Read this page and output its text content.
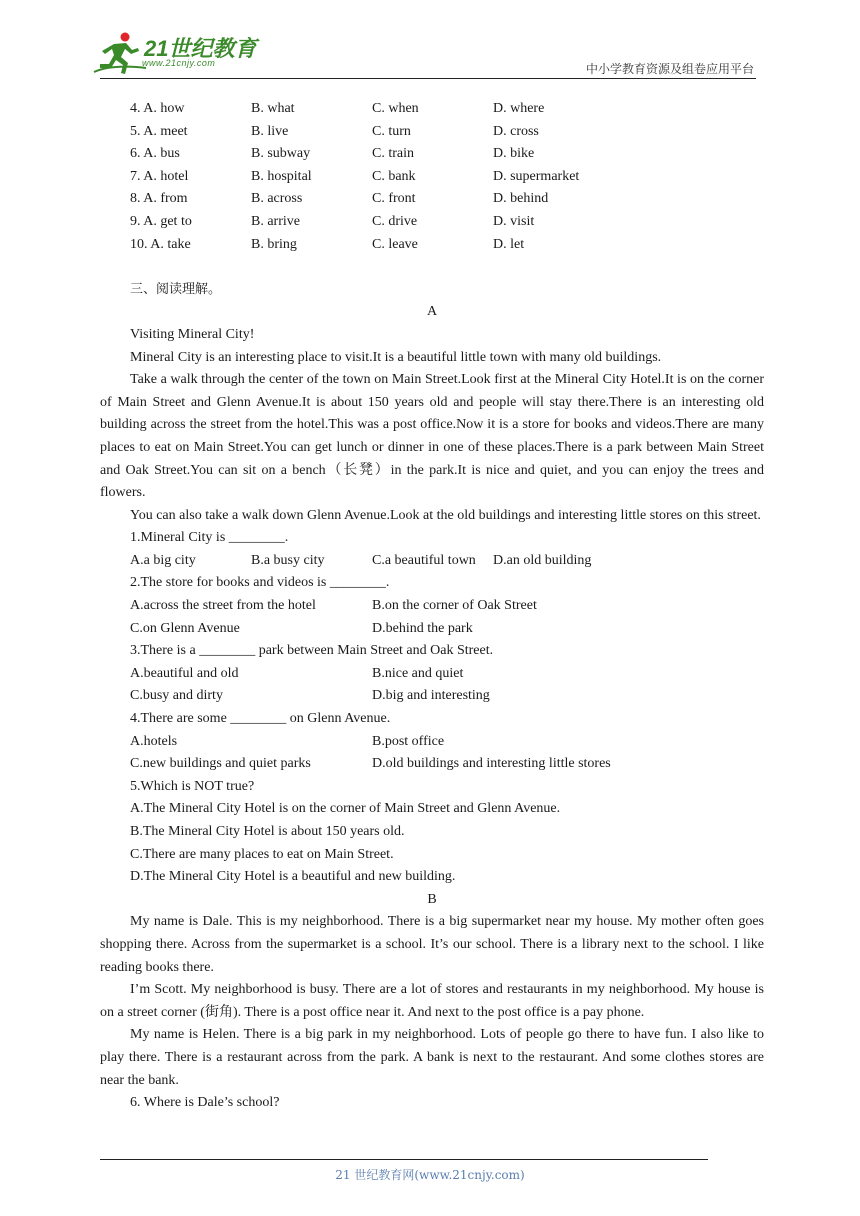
21世纪教育
www.21cnjy.com	中小学教育资源及组卷应用平台
4. A. how	B. what	C. when	D. where
5. A. meet	B. live	C. turn	D. cross
6. A. bus	B. subway	C. train	D. bike
7. A. hotel	B. hospital	C. bank	D. supermarket
8. A. from	B. across	C. front	D. behind
9. A. get to	B. arrive	C. drive	D. visit
10. A. take	B. bring	C. leave	D. let

三、阅读理解。

A

Visiting Mineral City!

Mineral City is an interesting place to visit.It is a beautiful little town with many old buildings.

Take a walk through the center of the town on Main Street.Look first at the Mineral City Hotel.It is on the corner of Main Street and Glenn Avenue.It is about 150 years old and people will stay there.There is an interesting old building across the street from the hotel.This was a post office.Now it is a store for books and videos.There are many places to eat on Main Street.You can get lunch or dinner in one of these places.There is a park between Main Street and Oak Street.You can sit on a bench（长凳）in the park.It is nice and quiet, and you can enjoy the trees and flowers.

You can also take a walk down Glenn Avenue.Look at the old buildings and interesting little stores on this street.

1.Mineral City is ________.

A.a big city	B.a busy city	C.a beautiful town	D.an old building

2.The store for books and videos is ________.

A.across the street from the hotel	B.on the corner of Oak Street
C.on Glenn Avenue	D.behind the park

3.There is a ________ park between Main Street and Oak Street.

A.beautiful and old	B.nice and quiet
C.busy and dirty	D.big and interesting

4.There are some ________ on Glenn Avenue.

A.hotels	B.post office
C.new buildings and quiet parks	D.old buildings and interesting little stores

5.Which is NOT true?

A.The Mineral City Hotel is on the corner of Main Street and Glenn Avenue.

B.The Mineral City Hotel is about 150 years old.

C.There are many places to eat on Main Street.

D.The Mineral City Hotel is a beautiful and new building.

B

My name is Dale. This is my neighborhood. There is a big supermarket near my house. My mother often goes shopping there. Across from the supermarket is a school. It’s our school. There is a library next to the school. I like reading books there.

I’m Scott. My neighborhood is busy. There are a lot of stores and restaurants in my neighborhood. My house is on a street corner (街角). There is a post office near it. And next to the post office is a pay phone.

My name is Helen. There is a big park in my neighborhood. Lots of people go there to have fun. I also like to play there. There is a restaurant across from the park. A bank is next to the restaurant. And some clothes stores are near the bank.

6. Where is Dale’s school?

21 世纪教育网(www.21cnjy.com)
